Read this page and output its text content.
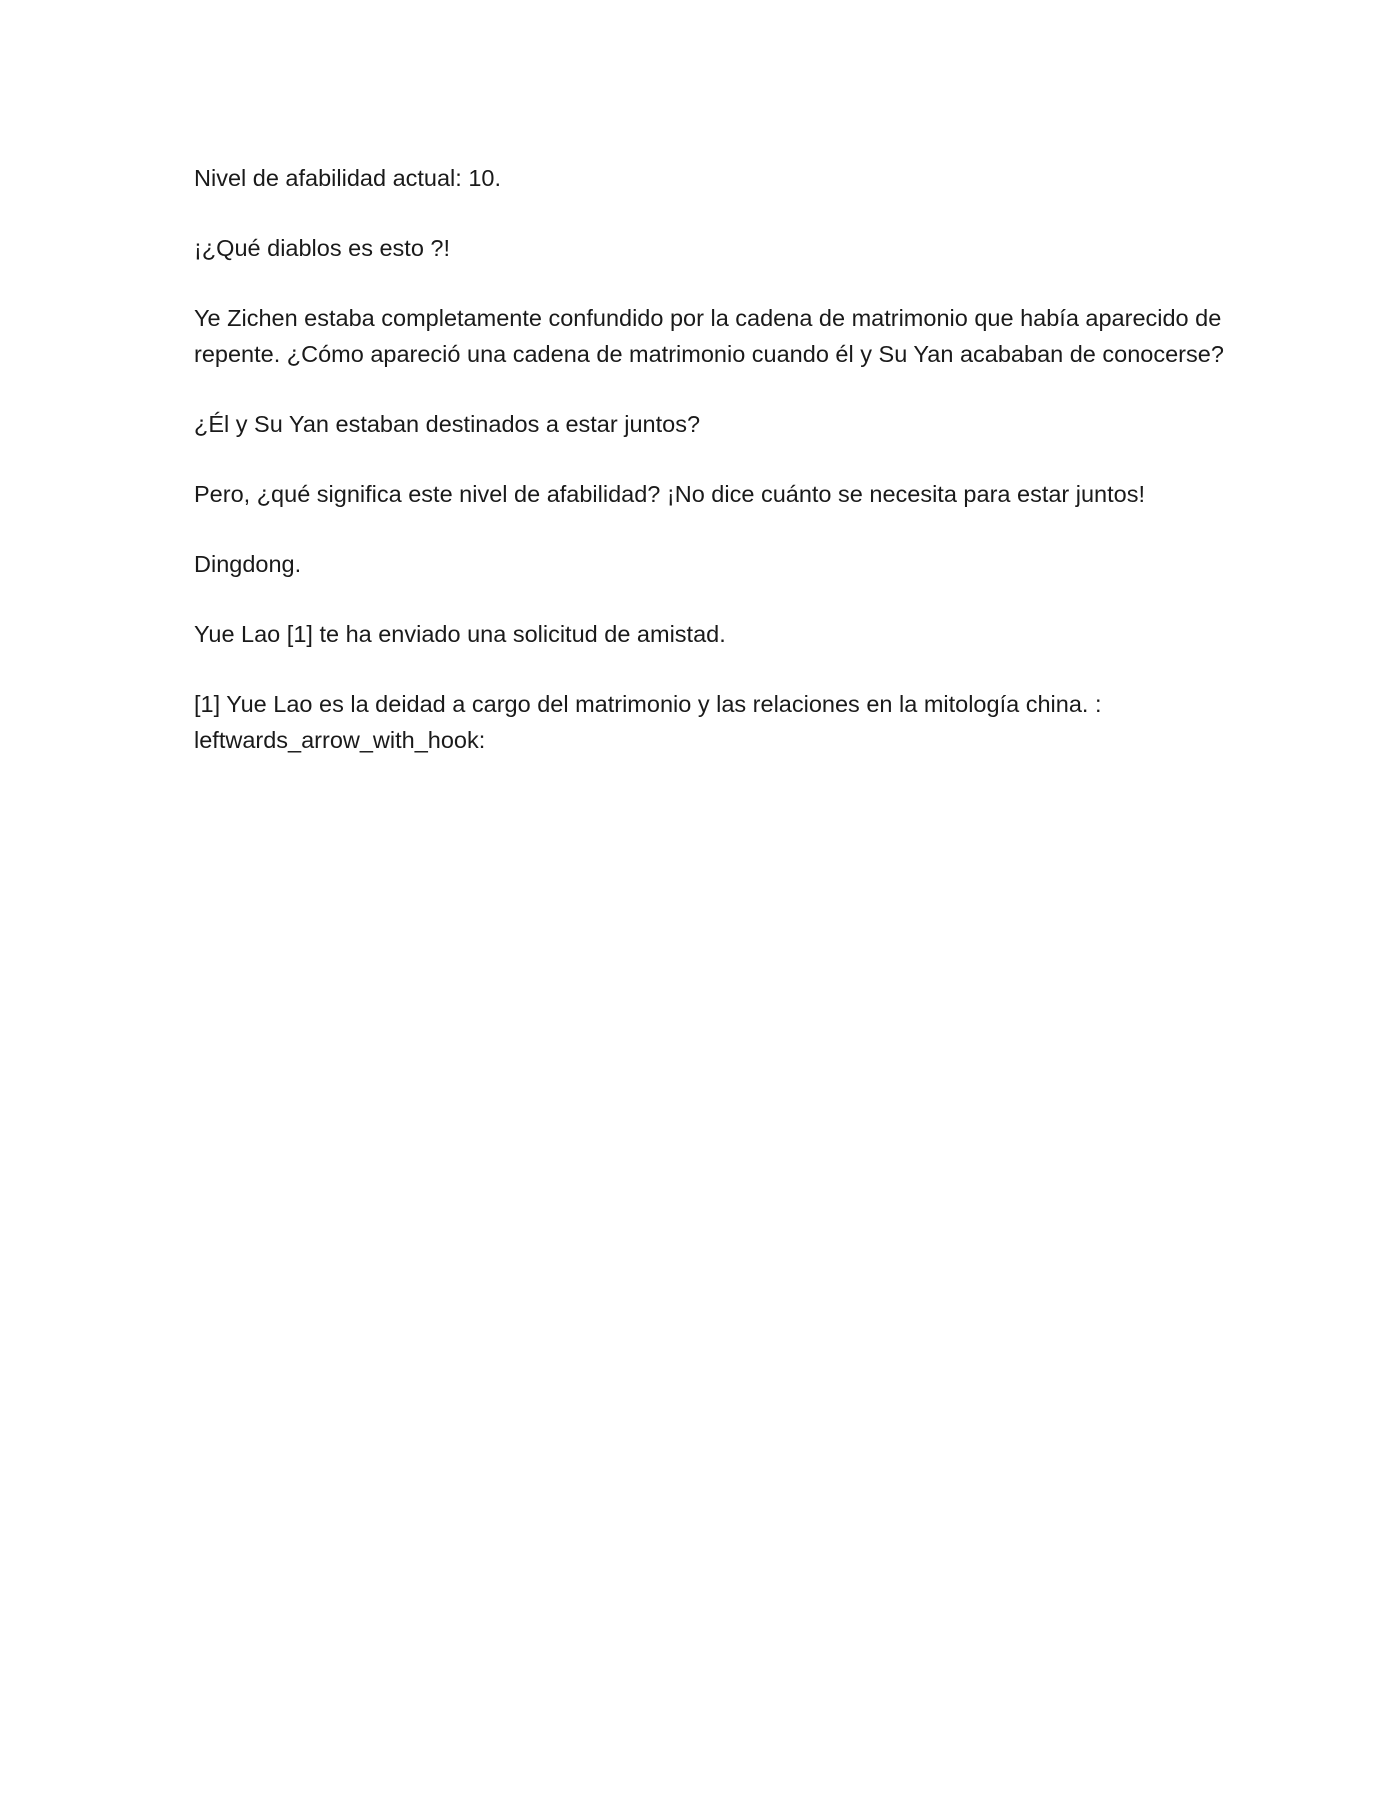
Nivel de afabilidad actual: 10.

¡¿Qué diablos es esto ?!

Ye Zichen estaba completamente confundido por la cadena de matrimonio que había aparecido de repente. ¿Cómo apareció una cadena de matrimonio cuando él y Su Yan acababan de conocerse?

¿Él y Su Yan estaban destinados a estar juntos?

Pero, ¿qué significa este nivel de afabilidad? ¡No dice cuánto se necesita para estar juntos!

Dingdong.

Yue Lao [1] te ha enviado una solicitud de amistad.

[1] Yue Lao es la deidad a cargo del matrimonio y las relaciones en la mitología china. : leftwards_arrow_with_hook:
